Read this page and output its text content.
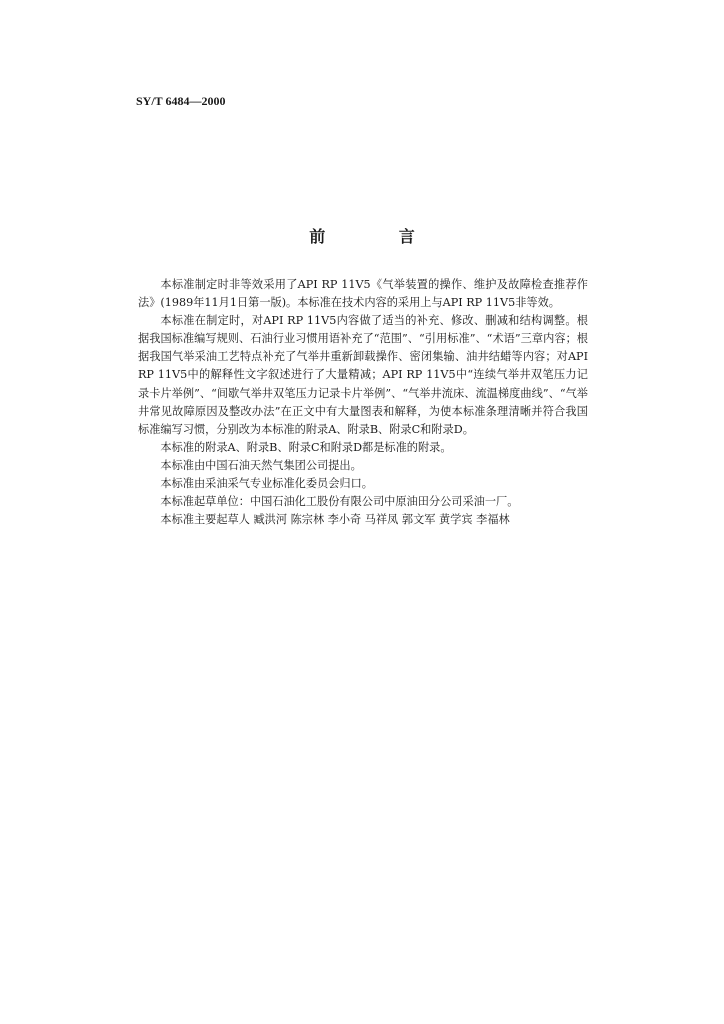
SY/T 6484—2000
前 言

本标准制定时非等效采用了API RP 11V5《气举装置的操作、维护及故障检查推荐作法》(1989年11月1日第一版)。本标准在技术内容的采用上与API RP 11V5非等效。

本标准在制定时，对API RP 11V5内容做了适当的补充、修改、删减和结构调整。根据我国标准编写规则、石油行业习惯用语补充了“范围”、“引用标准”、“术语”三章内容；根据我国气举采油工艺特点补充了气举井重新卸载操作、密闭集输、油井结蜡等内容；对API RP 11V5中的解释性文字叙述进行了大量精减；API RP 11V5中“连续气举井双笔压力记录卡片举例”、“间歇气举井双笔压力记录卡片举例”、“气举井流床、流温梯度曲线”、“气举井常见故障原因及整改办法”在正文中有大量图表和解释，为使本标准条理清晰并符合我国标准编写习惯，分别改为本标准的附录A、附录B、附录C和附录D。

本标准的附录A、附录B、附录C和附录D都是标准的附录。

本标准由中国石油天然气集团公司提出。

本标准由采油采气专业标准化委员会归口。

本标准起草单位：中国石油化工股份有限公司中原油田分公司采油一厂。

本标准主要起草人 臧洪河 陈宗林 李小奇 马祥凤 郭文军 黄学宾 李福林
